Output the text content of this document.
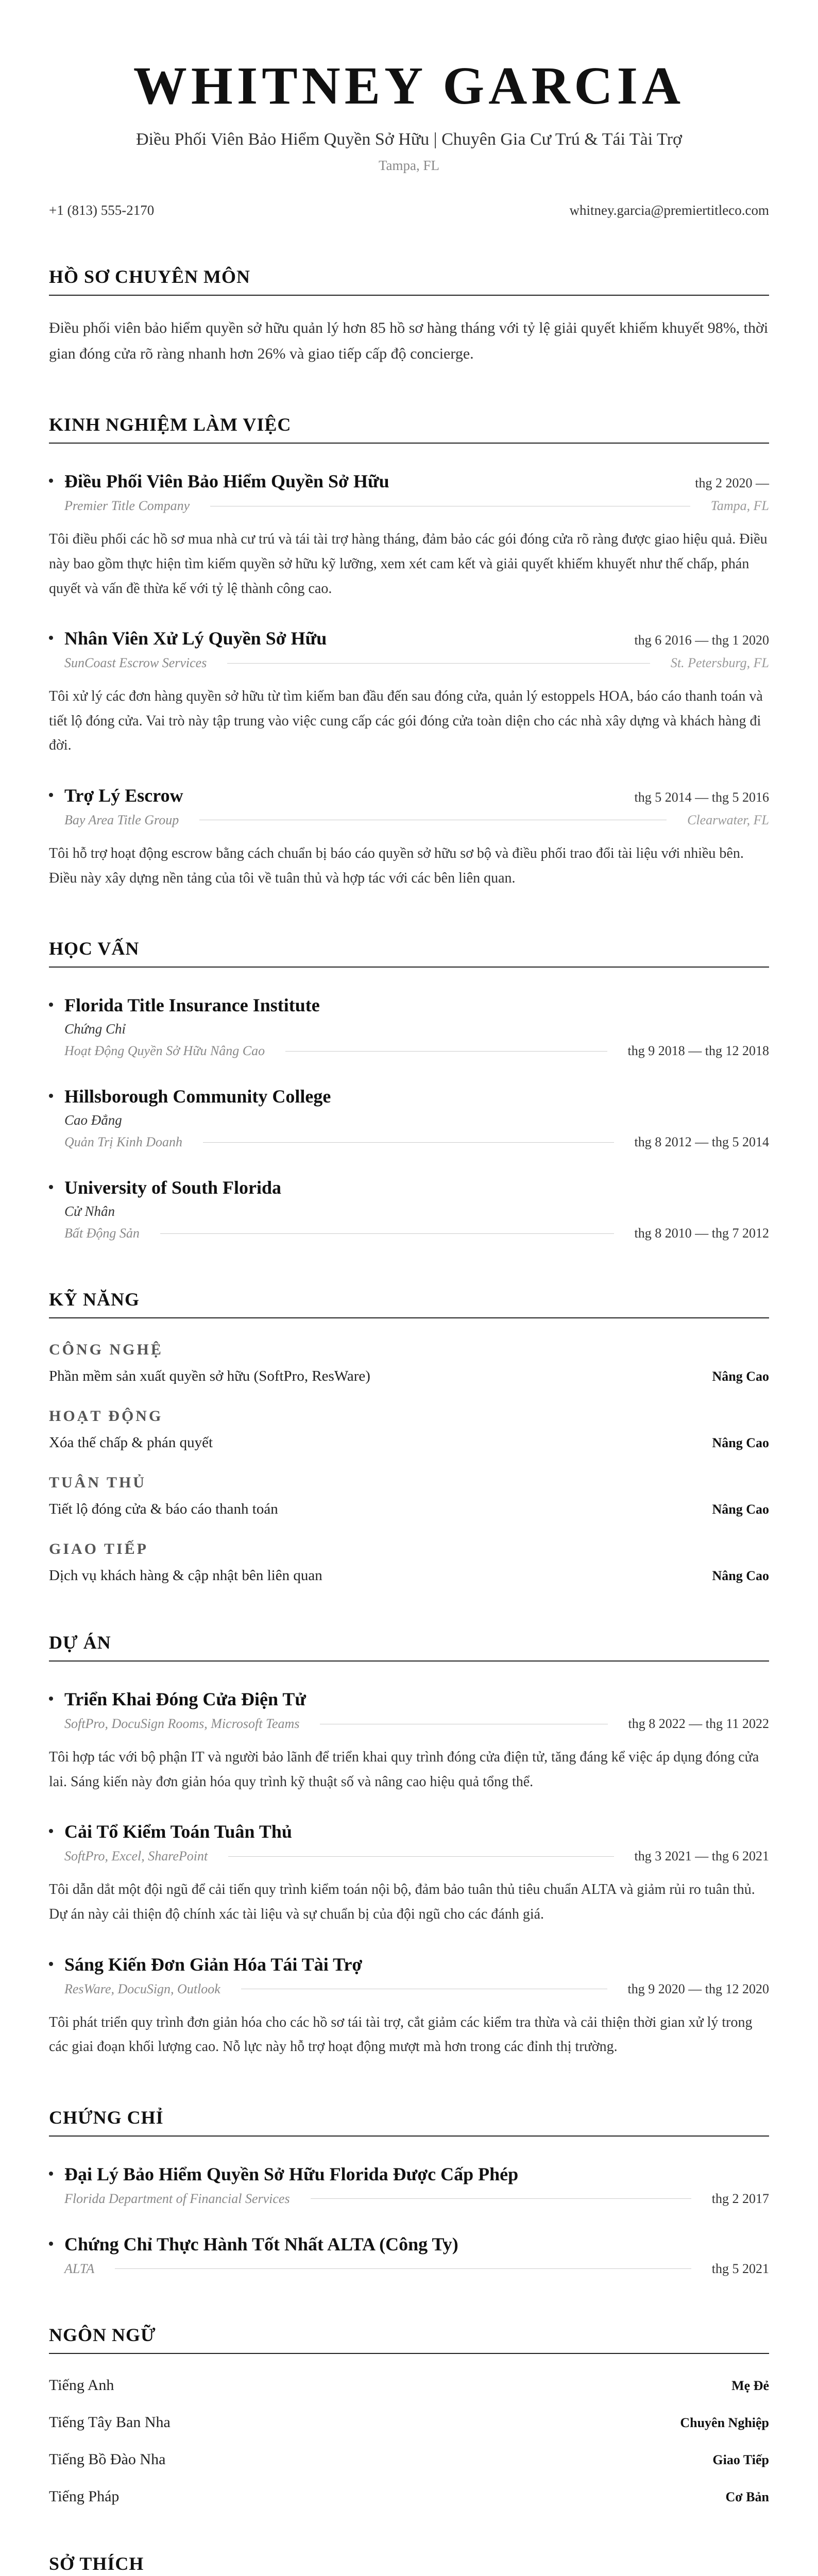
WHITNEY GARCIA
Điều Phối Viên Bảo Hiểm Quyền Sở Hữu | Chuyên Gia Cư Trú & Tái Tài Trợ
Tampa, FL
+1 (813) 555-2170	whitney.garcia@premiertitleco.com
HỒ SƠ CHUYÊN MÔN
Điều phối viên bảo hiểm quyền sở hữu quản lý hơn 85 hồ sơ hàng tháng với tỷ lệ giải quyết khiếm khuyết 98%, thời gian đóng cửa rõ ràng nhanh hơn 26% và giao tiếp cấp độ concierge.
KINH NGHIỆM LÀM VIỆC
Điều Phối Viên Bảo Hiểm Quyền Sở Hữu	thg 2 2020 —
Premier Title Company	Tampa, FL
Tôi điều phối các hồ sơ mua nhà cư trú và tái tài trợ hàng tháng, đảm bảo các gói đóng cửa rõ ràng được giao hiệu quả. Điều này bao gồm thực hiện tìm kiếm quyền sở hữu kỹ lưỡng, xem xét cam kết và giải quyết khiếm khuyết như thế chấp, phán quyết và vấn đề thừa kế với tỷ lệ thành công cao.
Nhân Viên Xử Lý Quyền Sở Hữu	thg 6 2016 — thg 1 2020
SunCoast Escrow Services	St. Petersburg, FL
Tôi xử lý các đơn hàng quyền sở hữu từ tìm kiếm ban đầu đến sau đóng cửa, quản lý estoppels HOA, báo cáo thanh toán và tiết lộ đóng cửa. Vai trò này tập trung vào việc cung cấp các gói đóng cửa toàn diện cho các nhà xây dựng và khách hàng đi đời.
Trợ Lý Escrow	thg 5 2014 — thg 5 2016
Bay Area Title Group	Clearwater, FL
Tôi hỗ trợ hoạt động escrow bằng cách chuẩn bị báo cáo quyền sở hữu sơ bộ và điều phối trao đổi tài liệu với nhiều bên. Điều này xây dựng nền tảng của tôi về tuân thủ và hợp tác với các bên liên quan.
HỌC VẤN
Florida Title Insurance Institute
Chứng Chỉ
Hoạt Động Quyền Sở Hữu Nâng Cao	thg 9 2018 — thg 12 2018
Hillsborough Community College
Cao Đẳng
Quản Trị Kinh Doanh	thg 8 2012 — thg 5 2014
University of South Florida
Cử Nhân
Bất Động Sản	thg 8 2010 — thg 7 2012
KỸ NĂNG
CÔNG NGHỆ
Phần mềm sản xuất quyền sở hữu (SoftPro, ResWare)	Nâng Cao
HOẠT ĐỘNG
Xóa thế chấp & phán quyết	Nâng Cao
TUÂN THỦ
Tiết lộ đóng cửa & báo cáo thanh toán	Nâng Cao
GIAO TIẾP
Dịch vụ khách hàng & cập nhật bên liên quan	Nâng Cao
DỰ ÁN
Triển Khai Đóng Cửa Điện Tử
SoftPro, DocuSign Rooms, Microsoft Teams	thg 8 2022 — thg 11 2022
Tôi hợp tác với bộ phận IT và người bảo lãnh để triển khai quy trình đóng cửa điện tử, tăng đáng kể việc áp dụng đóng cửa lai. Sáng kiến này đơn giản hóa quy trình kỹ thuật số và nâng cao hiệu quả tổng thể.
Cải Tổ Kiểm Toán Tuân Thủ
SoftPro, Excel, SharePoint	thg 3 2021 — thg 6 2021
Tôi dẫn dắt một đội ngũ để cải tiến quy trình kiểm toán nội bộ, đảm bảo tuân thủ tiêu chuẩn ALTA và giảm rủi ro tuân thủ. Dự án này cải thiện độ chính xác tài liệu và sự chuẩn bị của đội ngũ cho các đánh giá.
Sáng Kiến Đơn Giản Hóa Tái Tài Trợ
ResWare, DocuSign, Outlook	thg 9 2020 — thg 12 2020
Tôi phát triển quy trình đơn giản hóa cho các hồ sơ tái tài trợ, cắt giảm các kiểm tra thừa và cải thiện thời gian xử lý trong các giai đoạn khối lượng cao. Nỗ lực này hỗ trợ hoạt động mượt mà hơn trong các đỉnh thị trường.
CHỨNG CHỈ
Đại Lý Bảo Hiểm Quyền Sở Hữu Florida Được Cấp Phép
Florida Department of Financial Services	thg 2 2017
Chứng Chỉ Thực Hành Tốt Nhất ALTA (Công Ty)
ALTA	thg 5 2021
NGÔN NGỮ
Tiếng Anh	Mẹ Đẻ
Tiếng Tây Ban Nha	Chuyên Nghiệp
Tiếng Bồ Đào Nha	Giao Tiếp
Tiếng Pháp	Cơ Bản
SỞ THÍCH
